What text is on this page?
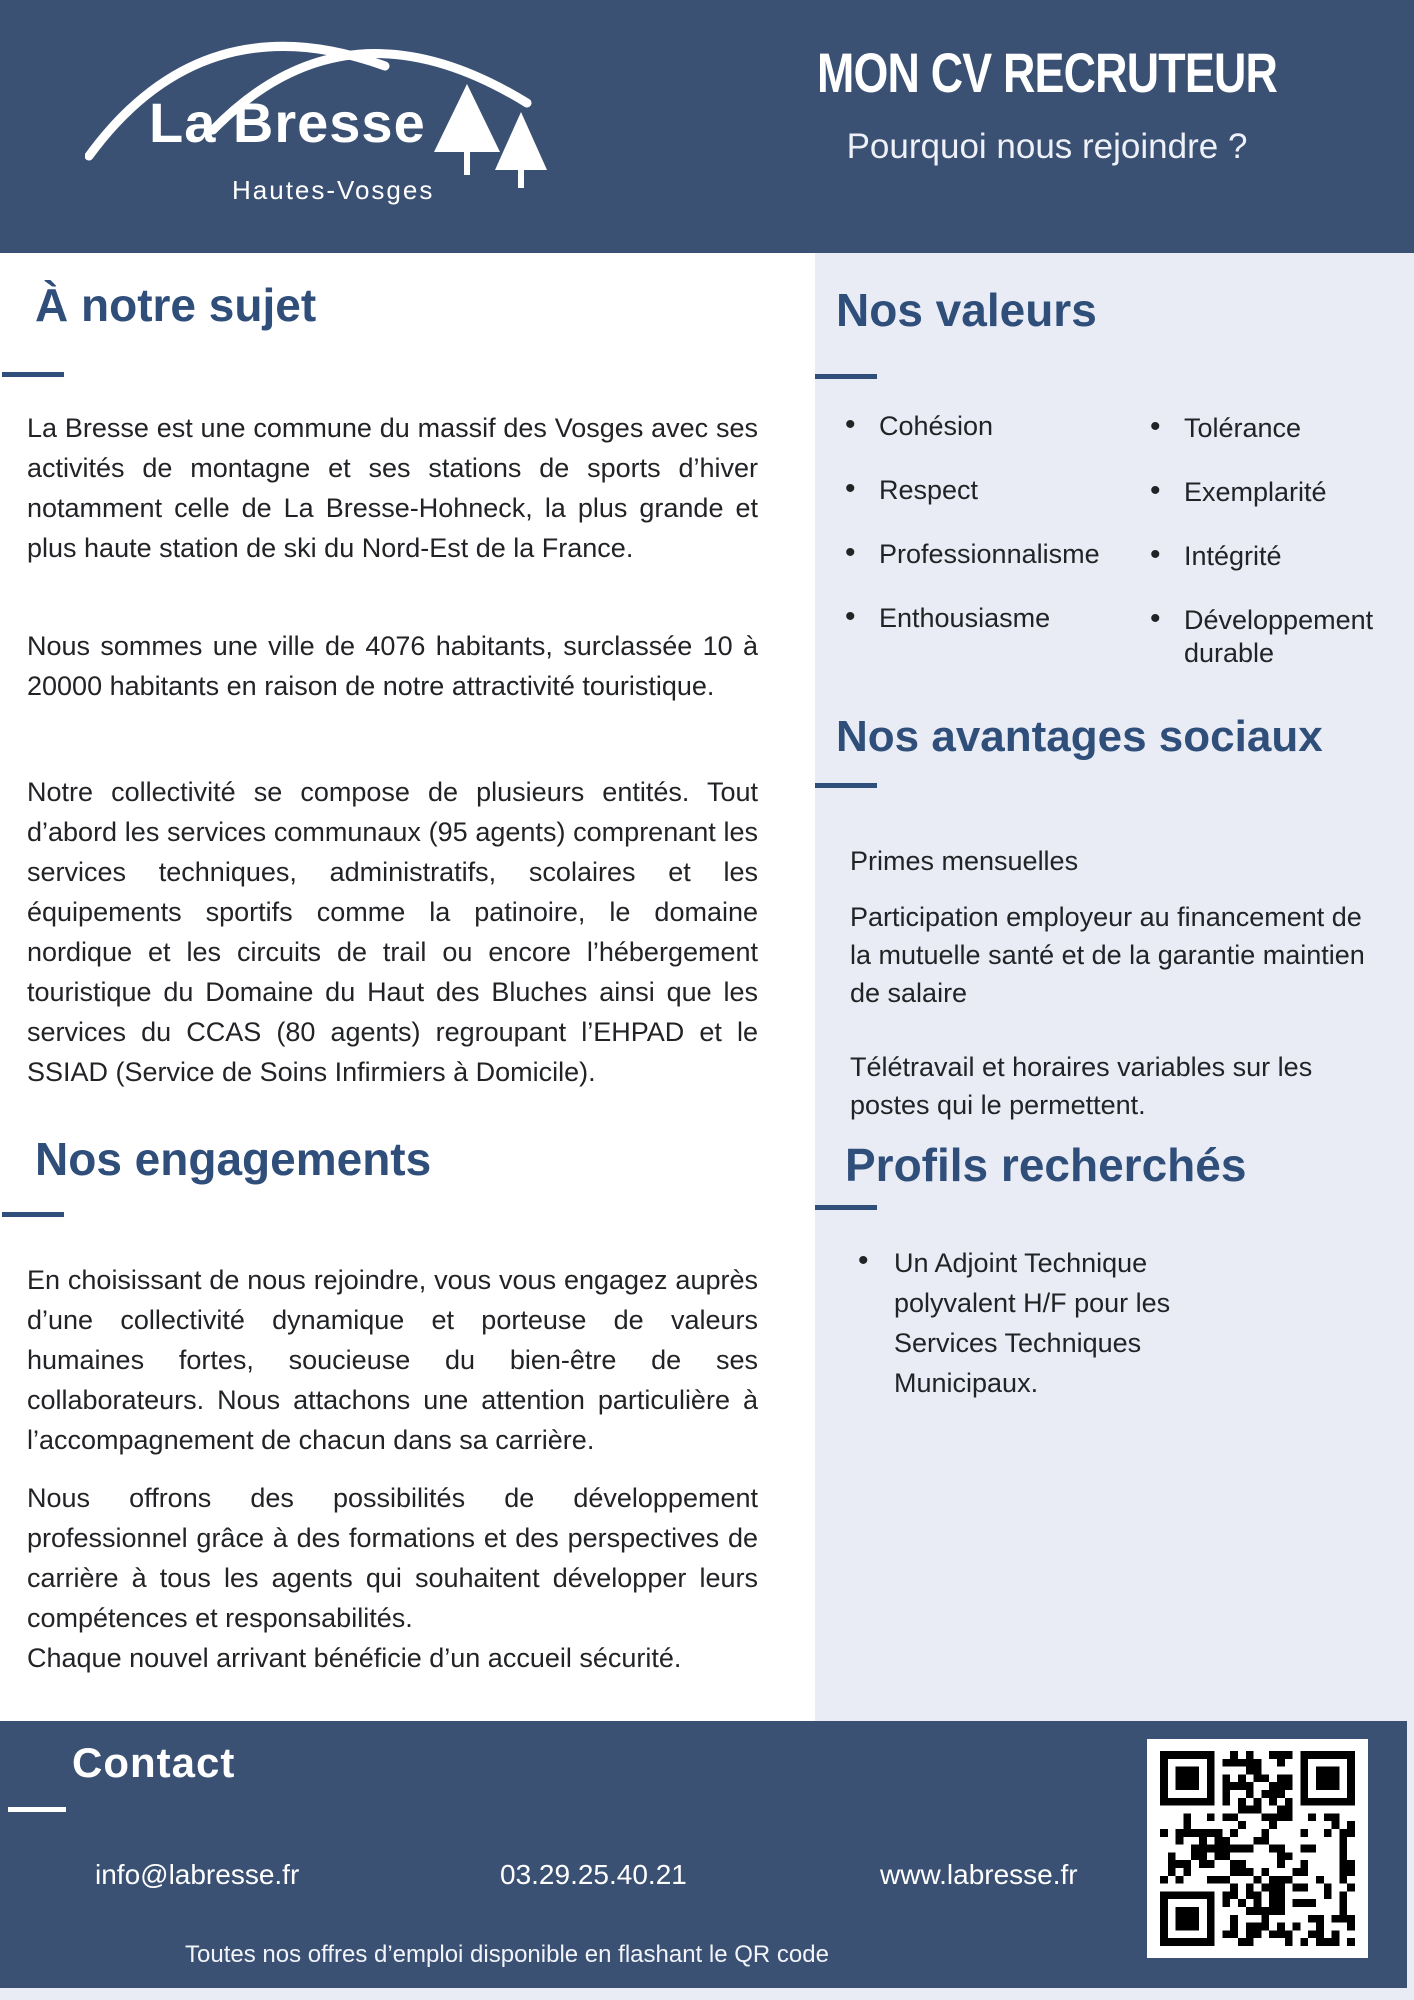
La Bresse
Hautes-Vosges
MON CV RECRUTEUR
Pourquoi nous rejoindre ?
À notre sujet

La Bresse est une commune du massif des Vosges avec ses activités de montagne et ses stations de sports d’hiver notamment celle de La Bresse-Hohneck, la plus grande et plus haute station de ski du Nord-Est de la France.

Nous sommes une ville de 4076 habitants, surclassée 10 à 20000 habitants en raison de notre attractivité touristique.

Notre collectivité se compose de plusieurs entités. Tout d’abord les services communaux (95 agents) comprenant les services techniques, administratifs, scolaires et les équipements sportifs comme la patinoire, le domaine nordique et les circuits de trail ou encore l’hébergement touristique du Domaine du Haut des Bluches ainsi que les services du CCAS (80 agents) regroupant l’EHPAD et le SSIAD (Service de Soins Infirmiers à Domicile).

Nos engagements

En choisissant de nous rejoindre, vous vous engagez auprès d’une collectivité dynamique et porteuse de valeurs humaines fortes, soucieuse du bien-être de ses collaborateurs. Nous attachons une attention particulière à l’accompagnement de chacun dans sa carrière.

Nous offrons des possibilités de développement professionnel grâce à des formations et des perspectives de carrière à tous les agents qui souhaitent développer leurs compétences et responsabilités.

Chaque nouvel arrivant bénéficie d’un accueil sécurité.

Nos valeurs
• Cohésion
• Respect
• Professionnalisme
• Enthousiasme
• Tolérance
• Exemplarité
• Intégrité
• Développement durable
Nos avantages sociaux
Primes mensuelles
Participation employeur au financement de la mutuelle santé et de la garantie maintien de salaire
Télétravail et horaires variables sur les postes qui le permettent.
Profils recherchés
• Un Adjoint Technique polyvalent H/F pour les Services Techniques Municipaux.
Contact
info@labresse.fr	03.29.25.40.21	www.labresse.fr
Toutes nos offres d’emploi disponible en flashant le QR code
